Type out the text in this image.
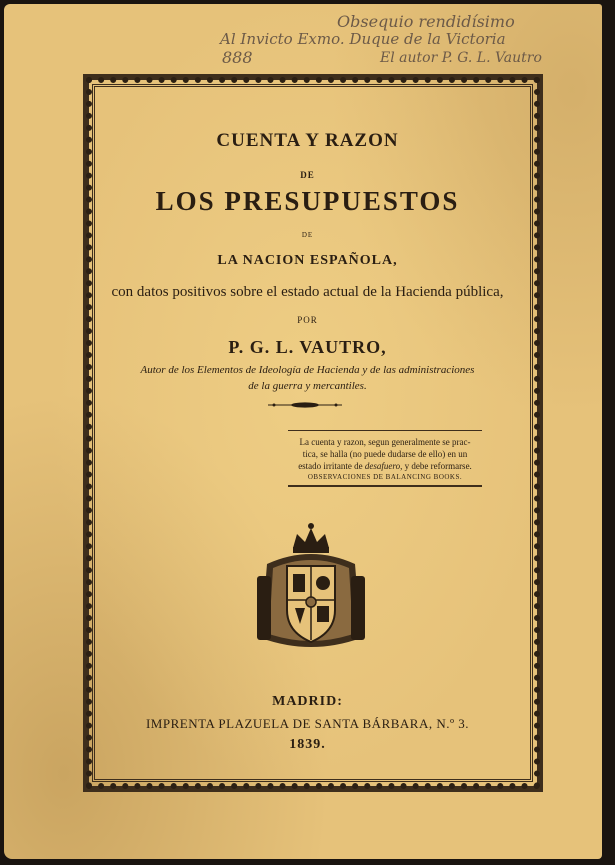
Obsequio rendidísimo
Al Invicto Exmo. Duque de la Victoria
888	El autor P. G. L. Vautro
CUENTA Y RAZON
DE
LOS PRESUPUESTOS
DE
LA NACION ESPAÑOLA,
con datos positivos sobre el estado actual de la Hacienda pública,
POR
P. G. L. VAUTRO,
Autor de los Elementos de Ideología de Hacienda y de las administraciones
de la guerra y mercantiles.
La cuenta y razon, segun generalmente se prac-
tica, se halla (no puede dudarse de ello) en un
estado irritante de desafuero, y debe reformarse.
OBSERVACIONES DE BALANCING BOOKS.
MADRID:
IMPRENTA PLAZUELA DE SANTA BÁRBARA, N.º 3.
1839.
